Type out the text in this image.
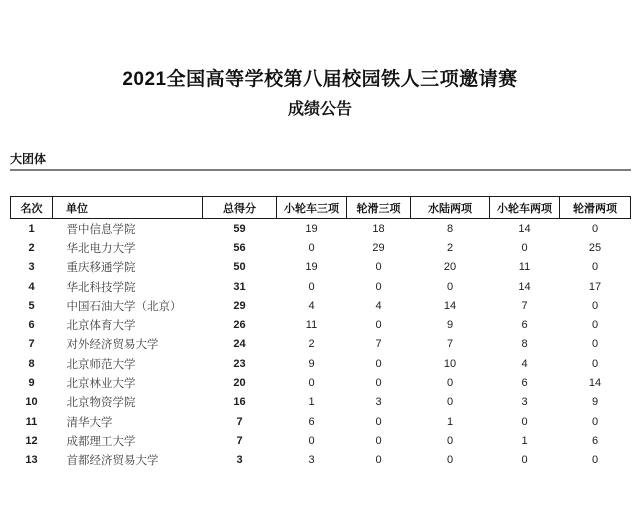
2021全国高等学校第八届校园铁人三项邀请赛
成绩公告
大团体
名次	单位	总得分	小轮车三项	轮滑三项	水陆两项	小轮车两项	轮滑两项
1	晋中信息学院	59	19	18	8	14	0
2	华北电力大学	56	0	29	2	0	25
3	重庆移通学院	50	19	0	20	11	0
4	华北科技学院	31	0	0	0	14	17
5	中国石油大学（北京）	29	4	4	14	7	0
6	北京体育大学	26	11	0	9	6	0
7	对外经济贸易大学	24	2	7	7	8	0
8	北京师范大学	23	9	0	10	4	0
9	北京林业大学	20	0	0	0	6	14
10	北京物资学院	16	1	3	0	3	9
11	清华大学	7	6	0	1	0	0
12	成都理工大学	7	0	0	0	1	6
13	首都经济贸易大学	3	3	0	0	0	0
